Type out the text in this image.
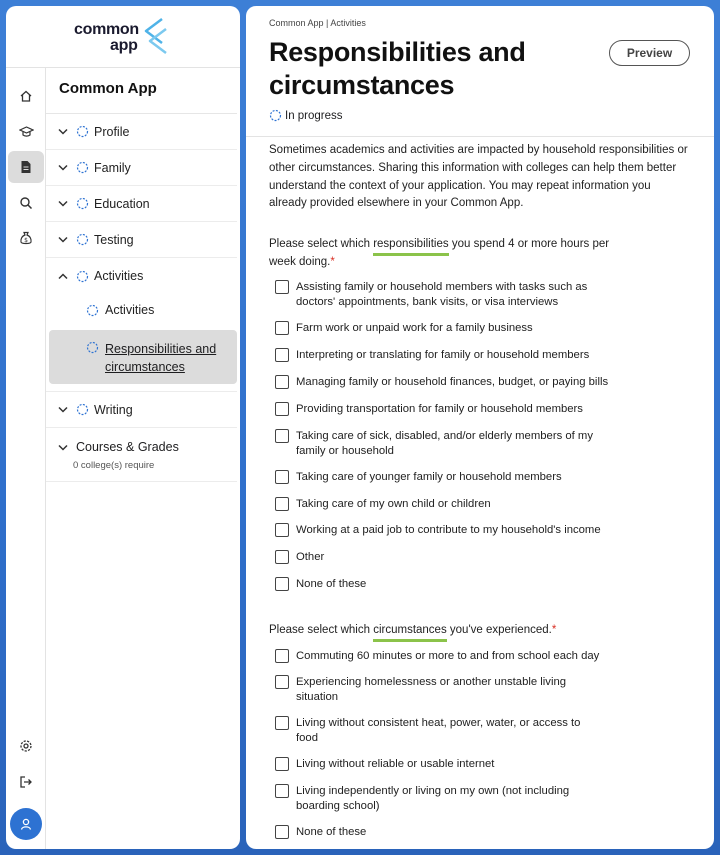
common
app
$
Common App
Profile
Family
Education
Testing
Activities
Activities
Responsibilities and
circumstances
Writing
Courses & Grades
0 college(s) require
Common App | Activities
Responsibilities and
circumstances
Preview
In progress
Sometimes academics and activities are impacted by household responsibilities or other circumstances. Sharing this information with colleges can help them better understand the context of your application. You may repeat information you already provided elsewhere in your Common App.
Please select which responsibilities you spend 4 or more hours per
week doing.*
Assisting family or household members with tasks such as
doctors' appointments, bank visits, or visa interviews
Farm work or unpaid work for a family business
Interpreting or translating for family or household members
Managing family or household finances, budget, or paying bills
Providing transportation for family or household members
Taking care of sick, disabled, and/or elderly members of my
family or household
Taking care of younger family or household members
Taking care of my own child or children
Working at a paid job to contribute to my household's income
Other
None of these
Please select which circumstances you've experienced.*
Commuting 60 minutes or more to and from school each day
Experiencing homelessness or another unstable living
situation
Living without consistent heat, power, water, or access to
food
Living without reliable or usable internet
Living independently or living on my own (not including
boarding school)
None of these
